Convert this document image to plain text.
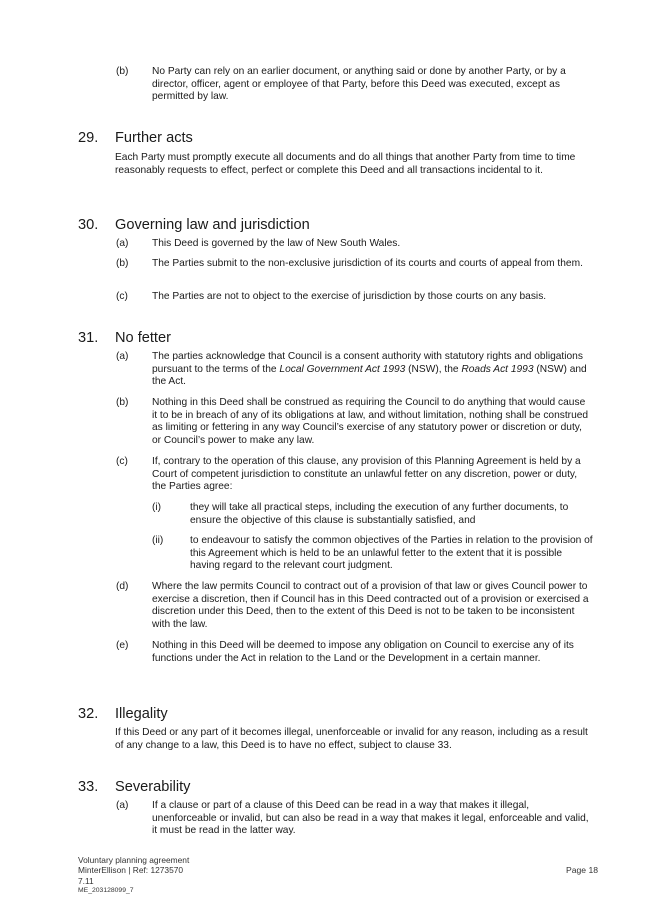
(b) No Party can rely on an earlier document, or anything said or done by another Party, or by a director, officer, agent or employee of that Party, before this Deed was executed, except as permitted by law.
29. Further acts
Each Party must promptly execute all documents and do all things that another Party from time to time reasonably requests to effect, perfect or complete this Deed and all transactions incidental to it.
30. Governing law and jurisdiction
(a) This Deed is governed by the law of New South Wales.
(b) The Parties submit to the non-exclusive jurisdiction of its courts and courts of appeal from them.
(c) The Parties are not to object to the exercise of jurisdiction by those courts on any basis.
31. No fetter
(a) The parties acknowledge that Council is a consent authority with statutory rights and obligations pursuant to the terms of the Local Government Act 1993 (NSW), the Roads Act 1993 (NSW) and the Act.
(b) Nothing in this Deed shall be construed as requiring the Council to do anything that would cause it to be in breach of any of its obligations at law, and without limitation, nothing shall be construed as limiting or fettering in any way Council’s exercise of any statutory power or discretion or duty, or Council’s power to make any law.
(c) If, contrary to the operation of this clause, any provision of this Planning Agreement is held by a Court of competent jurisdiction to constitute an unlawful fetter on any discretion, power or duty, the Parties agree:
(i)	they will take all practical steps, including the execution of any further documents, to ensure the objective of this clause is substantially satisfied, and
(ii)	to endeavour to satisfy the common objectives of the Parties in relation to the provision of this Agreement which is held to be an unlawful fetter to the extent that it is possible having regard to the relevant court judgment.
(d) Where the law permits Council to contract out of a provision of that law or gives Council power to exercise a discretion, then if Council has in this Deed contracted out of a provision or exercised a discretion under this Deed, then to the extent of this Deed is not to be taken to be inconsistent with the law.
(e) Nothing in this Deed will be deemed to impose any obligation on Council to exercise any of its functions under the Act in relation to the Land or the Development in a certain manner.
32. Illegality
If this Deed or any part of it becomes illegal, unenforceable or invalid for any reason, including as a result of any change to a law, this Deed is to have no effect, subject to clause 33.
33. Severability
(a) If a clause or part of a clause of this Deed can be read in a way that makes it illegal, unenforceable or invalid, but can also be read in a way that makes it legal, enforceable and valid, it must be read in the latter way.
Voluntary planning agreement
MinterEllison | Ref: 1273570
7.11
ME_203128099_7
Page 18
